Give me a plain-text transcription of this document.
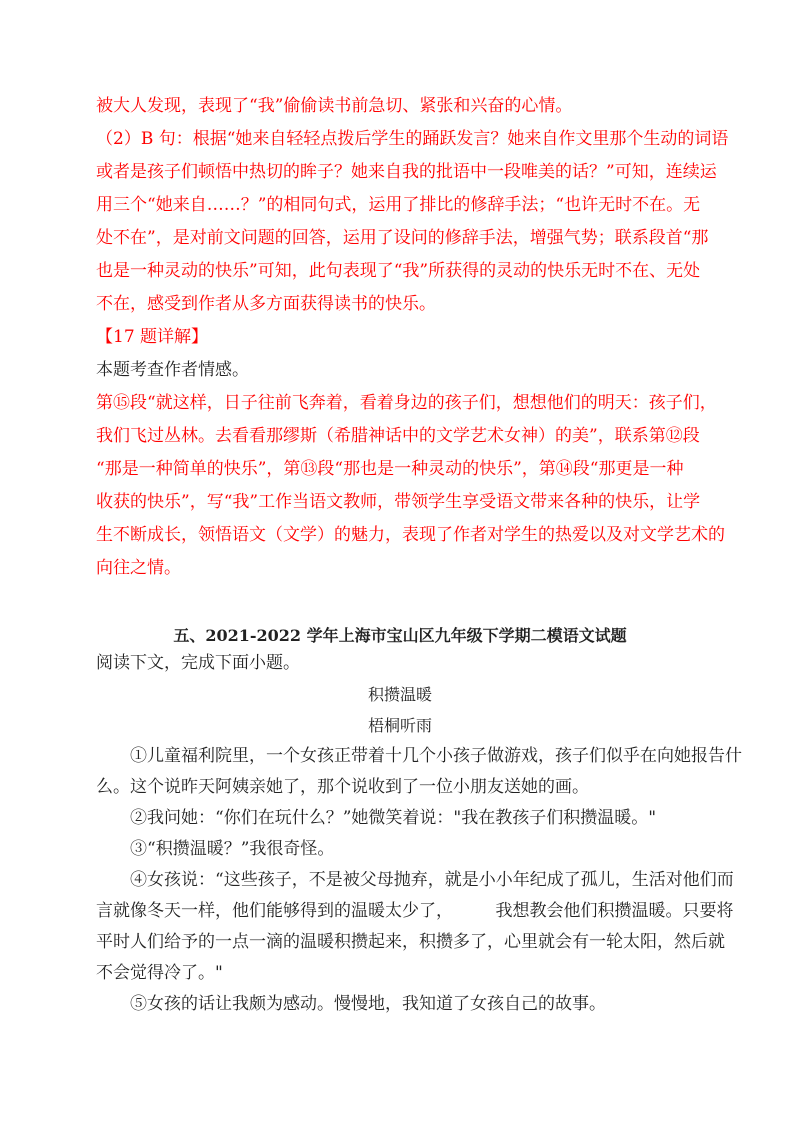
被大人发现，表现了“我”偷偷读书前急切、紧张和兴奋的心情。
（2）B 句：根据“她来自轻轻点拨后学生的踊跃发言？她来自作文里那个生动的词语
或者是孩子们顿悟中热切的眸子？她来自我的批语中一段唯美的话？”可知，连续运
用三个“她来自……？”的相同句式，运用了排比的修辞手法；“也许无时不在。无
处不在”，是对前文问题的回答，运用了设问的修辞手法，增强气势；联系段首“那
也是一种灵动的快乐”可知，此句表现了“我”所获得的灵动的快乐无时不在、无处
不在，感受到作者从多方面获得读书的快乐。
【17 题详解】
本题考查作者情感。
第⑮段“就这样，日子往前飞奔着，看着身边的孩子们，想想他们的明天：孩子们，
我们飞过丛林。去看看那缪斯（希腊神话中的文学艺术女神）的美”，联系第⑫段
“那是一种简单的快乐”，第⑬段“那也是一种灵动的快乐”，第⑭段“那更是一种
收获的快乐”，写“我”工作当语文教师，带领学生享受语文带来各种的快乐，让学
生不断成长，领悟语文（文学）的魅力，表现了作者对学生的热爱以及对文学艺术的
向往之情。
五、2021-2022 学年上海市宝山区九年级下学期二模语文试题
阅读下文，完成下面小题。
积攒温暖
梧桐听雨
①儿童福利院里，一个女孩正带着十几个小孩子做游戏，孩子们似乎在向她报告什
么。这个说昨天阿姨亲她了，那个说收到了一位小朋友送她的画。
②我问她：“你们在玩什么？”她微笑着说："我在教孩子们积攒温暖。"
③“积攒温暖？”我很奇怪。
④女孩说：“这些孩子，不是被父母抛弃，就是小小年纪成了孤儿，生活对他们而
言就像冬天一样，他们能够得到的温暖太少了，　　　我想教会他们积攒温暖。只要将
平时人们给予的一点一滴的温暖积攒起来，积攒多了，心里就会有一轮太阳，然后就
不会觉得冷了。"
⑤女孩的话让我颇为感动。慢慢地，我知道了女孩自己的故事。
